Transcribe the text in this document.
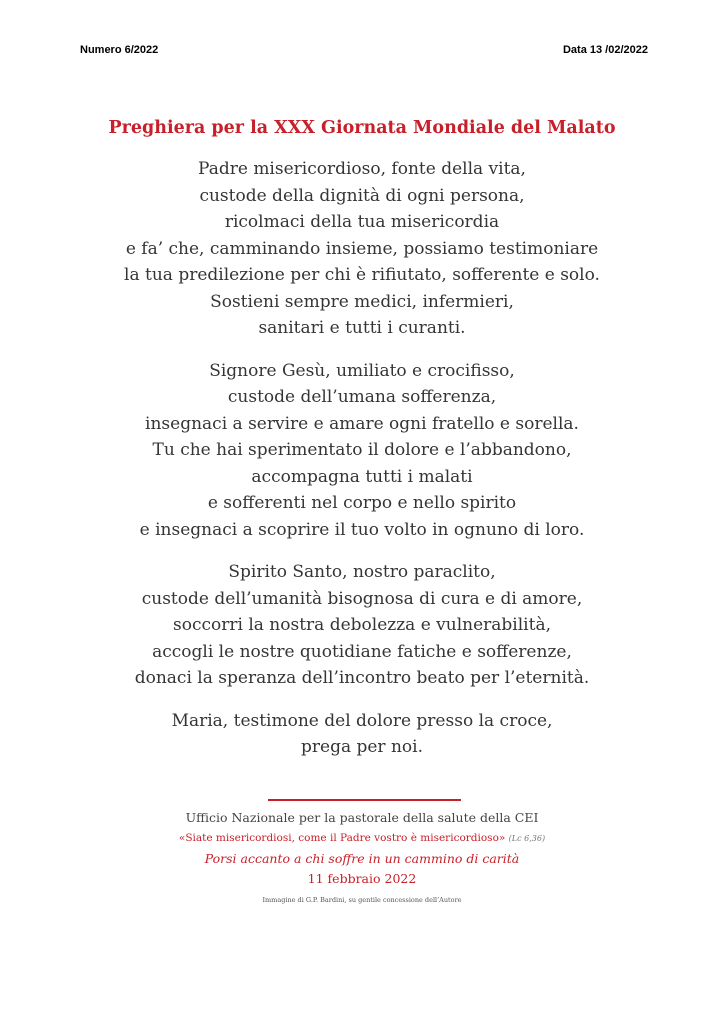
Numero 6/2022	Data 13 /02/2022
Preghiera per la XXX Giornata Mondiale del Malato
Padre misericordioso, fonte della vita,
custode della dignità di ogni persona,
ricolmaci della tua misericordia
e fa’ che, camminando insieme, possiamo testimoniare
la tua predilezione per chi è rifiutato, sofferente e solo.
Sostieni sempre medici, infermieri,
sanitari e tutti i curanti.
Signore Gesù, umiliato e crocifisso,
custode dell’umana sofferenza,
insegnaci a servire e amare ogni fratello e sorella.
Tu che hai sperimentato il dolore e l’abbandono,
accompagna tutti i malati
e sofferenti nel corpo e nello spirito
e insegnaci a scoprire il tuo volto in ognuno di loro.
Spirito Santo, nostro paraclito,
custode dell’umanità bisognosa di cura e di amore,
soccorri la nostra debolezza e vulnerabilità,
accogli le nostre quotidiane fatiche e sofferenze,
donaci la speranza dell’incontro beato per l’eternità.
Maria, testimone del dolore presso la croce,
prega per noi.
Ufficio Nazionale per la pastorale della salute della CEI
«Siate misericordiosi, come il Padre vostro è misericordioso» (Lc 6,36)
Porsi accanto a chi soffre in un cammino di carità
11 febbraio 2022
Immagine di G.P. Bardini, su gentile concessione dell’Autore
